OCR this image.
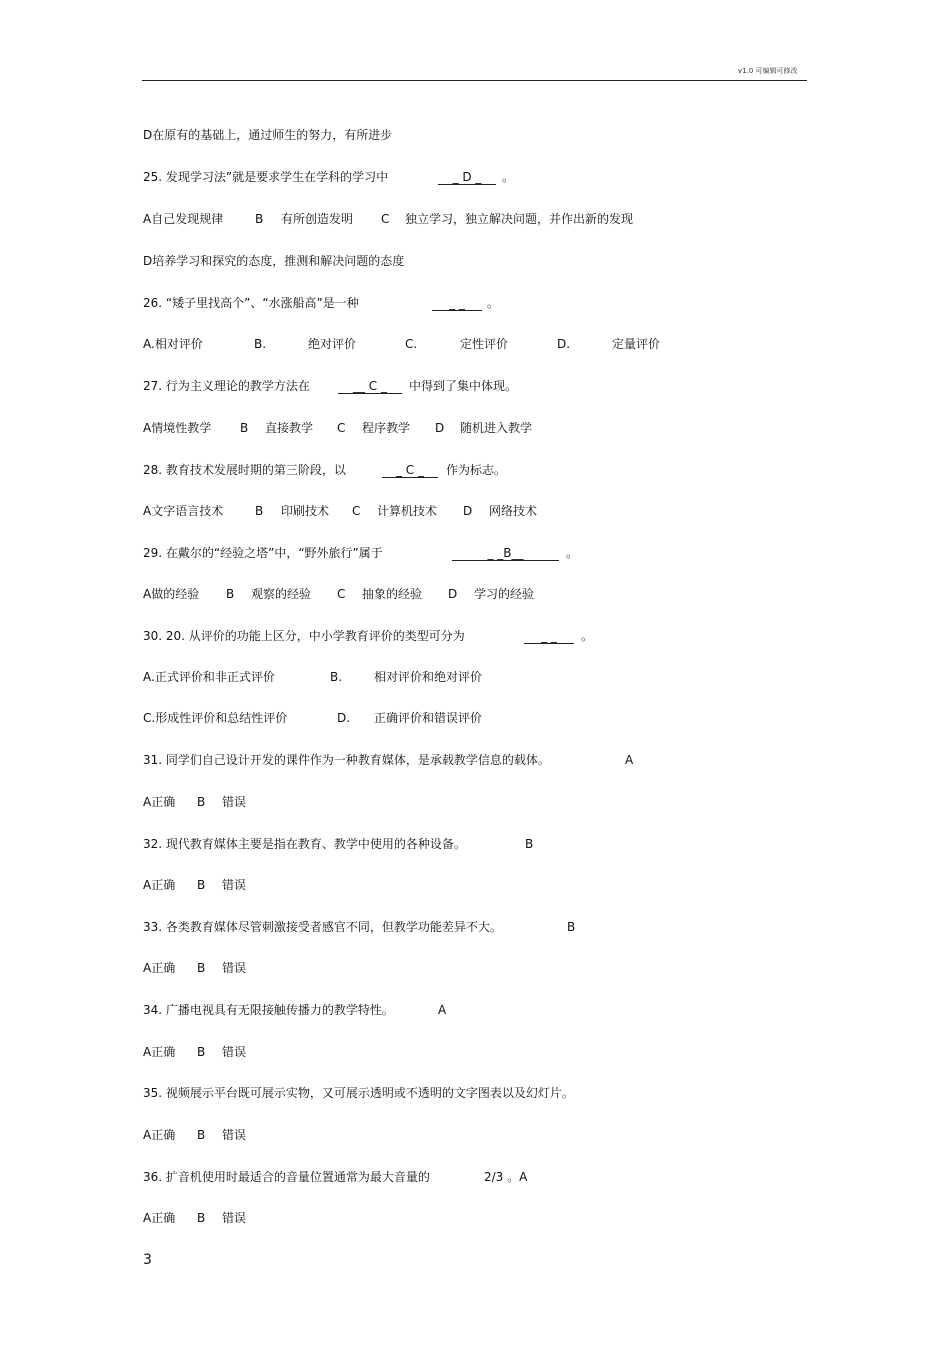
v1.0 可编辑可修改
D在原有的基础上，通过师生的努力，有所进步
25. 发现学习法”就是要求学生在学科的学习中	_ D _	。
A自己发现规律	B 有所创造发明 C 独立学习，独立解决问题，并作出新的发现
D培养学习和探究的态度，推测和解决问题的态度
26. “矮子里找高个”、“水涨船高”是一种	_ _	。
A.相对评价	B.	绝对评价	C.	定性评价	D.	定量评价
27. 行为主义理论的教学方法在	__ C _	中得到了集中体现。
A情境性教学 B 直接教学 C 程序教学 D 随机进入教学
28. 教育技术发展时期的第三阶段，以	_ C _	作为标志。
A文字语言技术	B 印刷技术 C 计算机技术 D 网络技术
29. 在戴尔的“经验之塔”中，“野外旅行”属于	_ _B__	。
A做的经验 B 观察的经验 C 抽象的经验 D 学习的经验
30. 20. 从评价的功能上区分，中小学教育评价的类型可分为	_ _	。
A.正式评价和非正式评价	B.	相对评价和绝对评价
C.形成性评价和总结性评价	D. 正确评价和错误评价
31. 同学们自己设计开发的课件作为一种教育媒体，是承载教学信息的载体。	A
A正确 B 错误
32. 现代教育媒体主要是指在教育、教学中使用的各种设备。	B
A正确 B 错误
33. 各类教育媒体尽管刺激接受者感官不同，但教学功能差异不大。	B
A正确 B 错误
34. 广播电视具有无限接触传播力的教学特性。	A
A正确 B 错误
35. 视频展示平台既可展示实物，又可展示透明或不透明的文字图表以及幻灯片。
A正确 B 错误
36. 扩音机使用时最适合的音量位置通常为最大音量的	2/3 。A
A正确 B 错误
3
